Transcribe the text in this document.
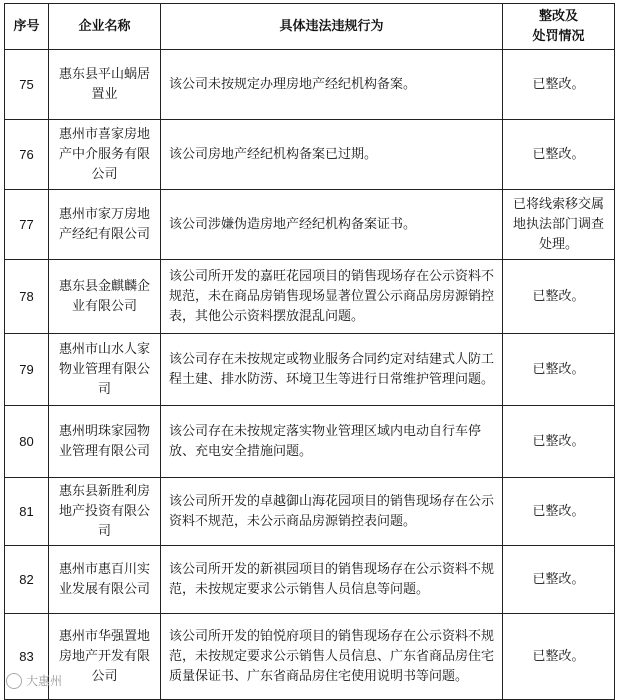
序号	企业名称	具体违法违规行为	整改及
处罚情况
75	惠东县平山蜗居置业	该公司未按规定办理房地产经纪机构备案。	已整改。
76	惠州市喜家房地产中介服务有限公司	该公司房地产经纪机构备案已过期。	已整改。
77	惠州市家万房地产经纪有限公司	该公司涉嫌伪造房地产经纪机构备案证书。	已将线索移交属地执法部门调查处理。
78	惠东县金麒麟企业有限公司	该公司所开发的嘉旺花园项目的销售现场存在公示资料不规范，未在商品房销售现场显著位置公示商品房房源销控表，其他公示资料摆放混乱问题。	已整改。
79	惠州市山水人家物业管理有限公司	该公司存在未按规定或物业服务合同约定对结建式人防工程土建、排水防涝、环境卫生等进行日常维护管理问题。	已整改。
80	惠州明珠家园物业管理有限公司	该公司存在未按规定落实物业管理区域内电动自行车停放、充电安全措施问题。	已整改。
81	惠东县新胜利房地产投资有限公司	该公司所开发的卓越御山海花园项目的销售现场存在公示资料不规范，未公示商品房源销控表问题。	已整改。
82	惠州市惠百川实业发展有限公司	该公司所开发的新祺园项目的销售现场存在公示资料不规范，未按规定要求公示销售人员信息等问题。	已整改。
83	惠州市华强置地房地产开发有限公司	该公司所开发的铂悦府项目的销售现场存在公示资料不规范，未按规定要求公示销售人员信息、广东省商品房住宅质量保证书、广东省商品房住宅使用说明书等问题。	已整改。
大惠州
